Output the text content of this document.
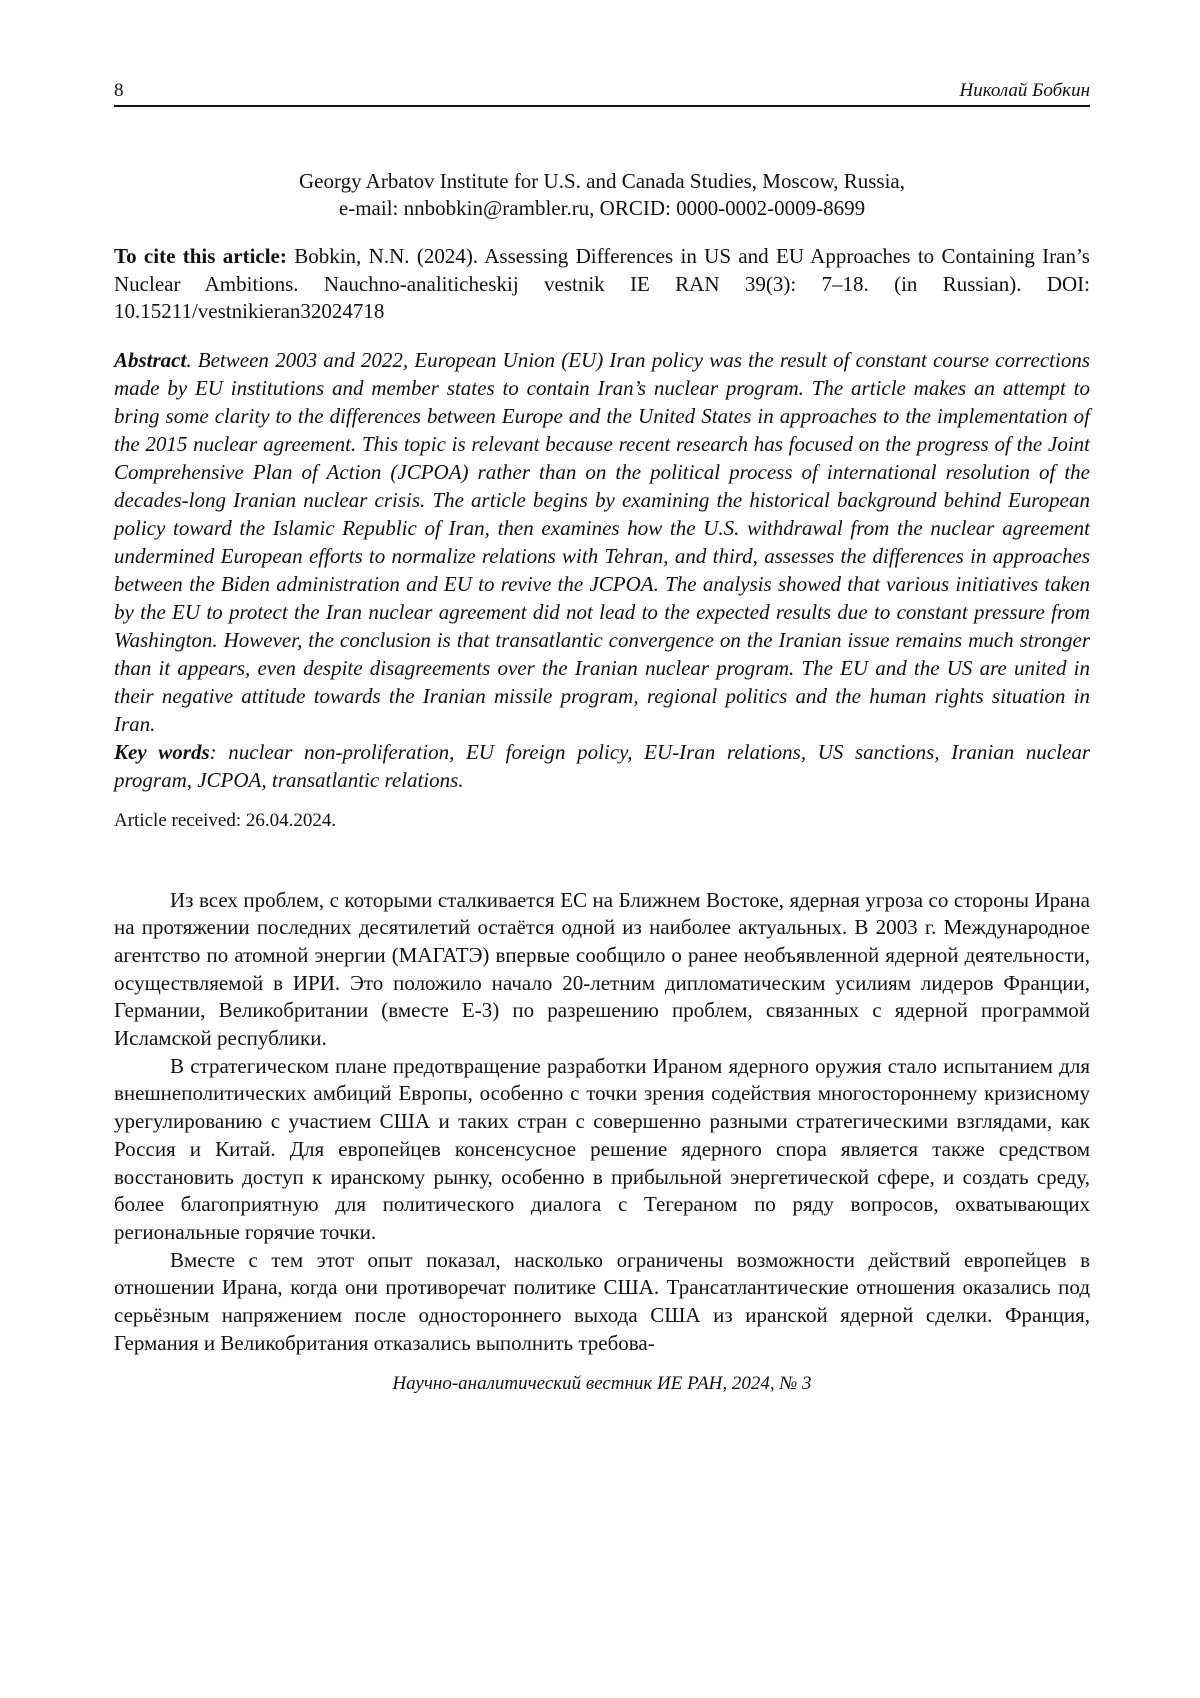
8	Николай Бобкин
Georgy Arbatov Institute for U.S. and Canada Studies, Moscow, Russia,
e-mail: nnbobkin@rambler.ru, ORCID: 0000-0002-0009-8699
To cite this article: Bobkin, N.N. (2024). Assessing Differences in US and EU Approaches to Containing Iran’s Nuclear Ambitions. Nauchno-analiticheskij vestnik IE RAN 39(3): 7–18. (in Russian). DOI: 10.15211/vestnikieran32024718
Abstract. Between 2003 and 2022, European Union (EU) Iran policy was the result of constant course corrections made by EU institutions and member states to contain Iran’s nuclear program. The article makes an attempt to bring some clarity to the differences between Europe and the United States in approaches to the implementation of the 2015 nuclear agreement. This topic is relevant because recent research has focused on the progress of the Joint Comprehensive Plan of Action (JCPOA) rather than on the political process of international resolution of the decades-long Iranian nuclear crisis. The article begins by examining the historical background behind European policy toward the Islamic Republic of Iran, then examines how the U.S. withdrawal from the nuclear agreement undermined European efforts to normalize relations with Tehran, and third, assesses the differences in approaches between the Biden administration and EU to revive the JCPOA. The analysis showed that various initiatives taken by the EU to protect the Iran nuclear agreement did not lead to the expected results due to constant pressure from Washington. However, the conclusion is that transatlantic convergence on the Iranian issue remains much stronger than it appears, even despite disagreements over the Iranian nuclear program. The EU and the US are united in their negative attitude towards the Iranian missile program, regional politics and the human rights situation in Iran.
Key words: nuclear non-proliferation, EU foreign policy, EU-Iran relations, US sanctions, Iranian nuclear program, JCPOA, transatlantic relations.
Article received: 26.04.2024.

Из всех проблем, с которыми сталкивается ЕС на Ближнем Востоке, ядерная угроза со стороны Ирана на протяжении последних десятилетий остаётся одной из наиболее актуальных. В 2003 г. Международное агентство по атомной энергии (МАГАТЭ) впервые сообщило о ранее необъявленной ядерной деятельности, осуществляемой в ИРИ. Это положило начало 20-летним дипломатическим усилиям лидеров Франции, Германии, Великобритании (вместе Е-3) по разрешению проблем, связанных с ядерной программой Исламской республики.

В стратегическом плане предотвращение разработки Ираном ядерного оружия стало испытанием для внешнеполитических амбиций Европы, особенно с точки зрения содействия многостороннему кризисному урегулированию с участием США и таких стран с совершенно разными стратегическими взглядами, как Россия и Китай. Для европейцев консенсусное решение ядерного спора является также средством восстановить доступ к иранскому рынку, особенно в прибыльной энергетической сфере, и создать среду, более благоприятную для политического диалога с Тегераном по ряду вопросов, охватывающих региональные горячие точки.

Вместе с тем этот опыт показал, насколько ограничены возможности действий европейцев в отношении Ирана, когда они противоречат политике США. Трансатлантические отношения оказались под серьёзным напряжением после одностороннего выхода США из иранской ядерной сделки. Франция, Германия и Великобритания отказались выполнить требова-

Научно-аналитический вестник ИЕ РАН, 2024, № 3
